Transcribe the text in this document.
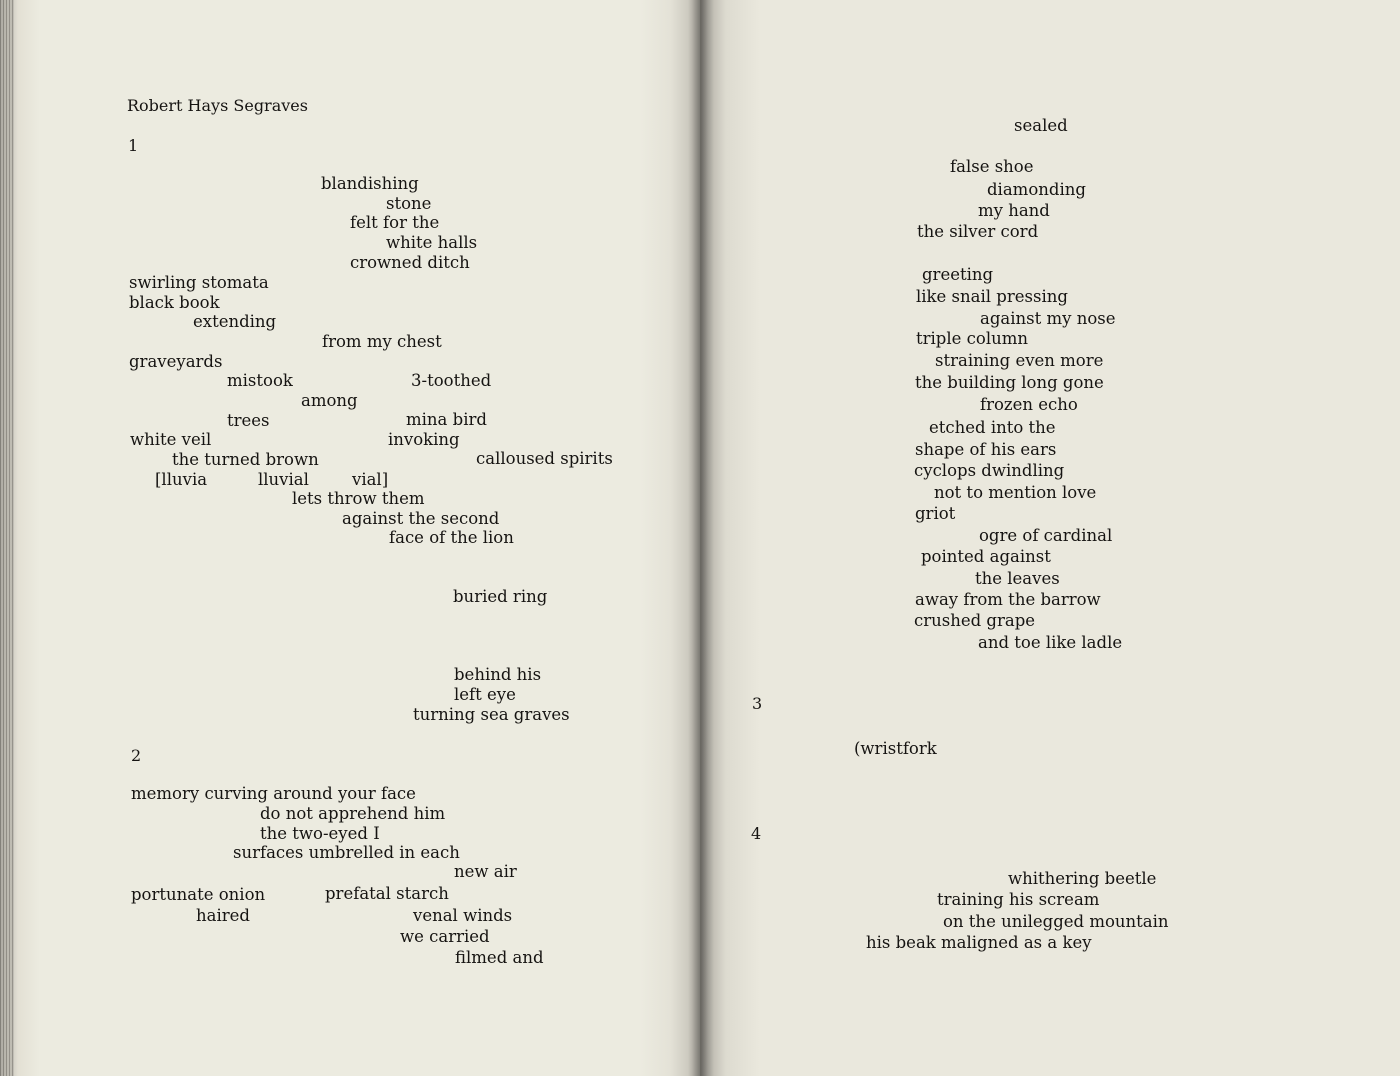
Robert Hays Segraves
1
blandishing
stone
felt for the
white halls
crowned ditch
swirling stomata
black book
extending
from my chest
graveyards
mistook	3-toothed
among
trees	mina bird
white veil	invoking
the turned brown	calloused spirits
[lluvia	lluvial	vial]
lets throw them
against the second
face of the lion
buried ring
behind his
left eye
turning sea graves
2
memory curving around your face
do not apprehend him
the two-eyed I
surfaces umbrelled in each
new air
portunate onion	prefatal starch
haired	venal winds
we carried
filmed and
sealed
false shoe
diamonding
my hand
the silver cord
greeting
like snail pressing
against my nose
triple column
straining even more
the building long gone
frozen echo
etched into the
shape of his ears
cyclops dwindling
not to mention love
griot
ogre of cardinal
pointed against
the leaves
away from the barrow
crushed grape
and toe like ladle
3
(wristfork
4
whithering beetle
training his scream
on the unilegged mountain
his beak maligned as a key
